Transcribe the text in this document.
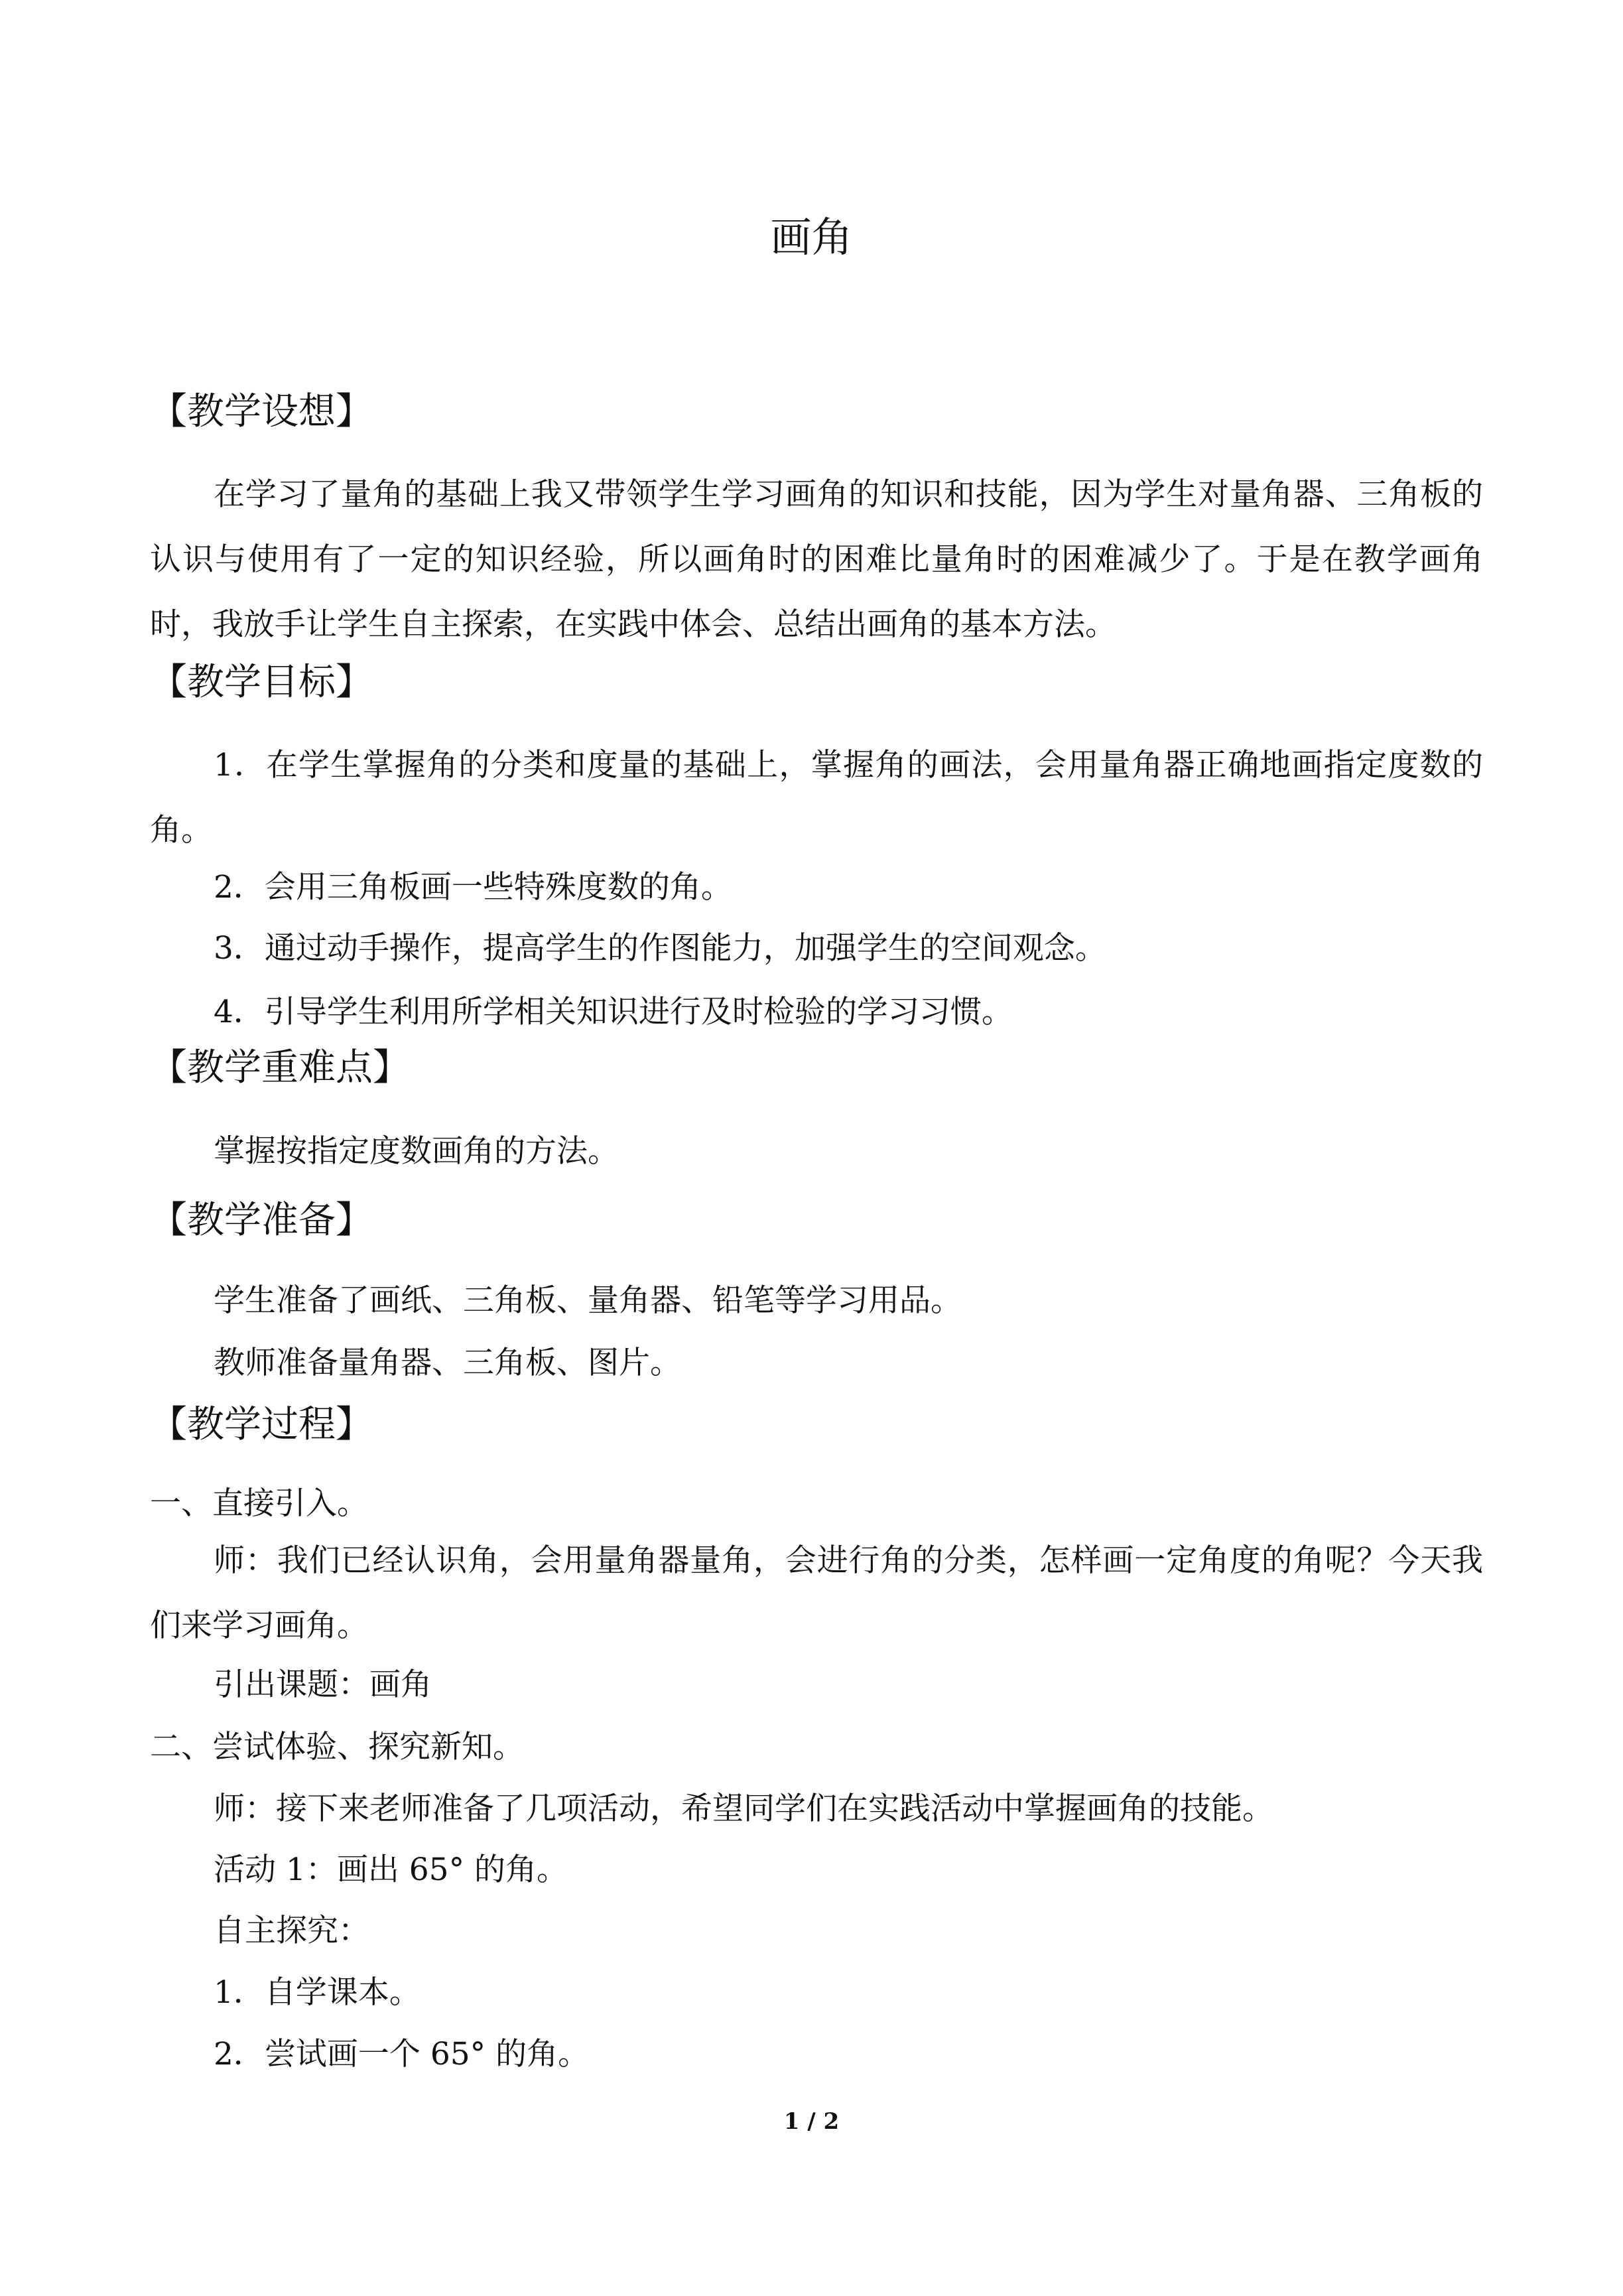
画角
【教学设想】
在学习了量角的基础上我又带领学生学习画角的知识和技能，因为学生对量角器、三角板的认识与使用有了一定的知识经验，所以画角时的困难比量角时的困难减少了。于是在教学画角时，我放手让学生自主探索，在实践中体会、总结出画角的基本方法。
【教学目标】
1．在学生掌握角的分类和度量的基础上，掌握角的画法，会用量角器正确地画指定度数的角。
2．会用三角板画一些特殊度数的角。
3．通过动手操作，提高学生的作图能力，加强学生的空间观念。
4．引导学生利用所学相关知识进行及时检验的学习习惯。
【教学重难点】
掌握按指定度数画角的方法。
【教学准备】
学生准备了画纸、三角板、量角器、铅笔等学习用品。
教师准备量角器、三角板、图片。
【教学过程】
一、直接引入。
师：我们已经认识角，会用量角器量角，会进行角的分类，怎样画一定角度的角呢？今天我们来学习画角。
引出课题：画角
二、尝试体验、探究新知。
师：接下来老师准备了几项活动，希望同学们在实践活动中掌握画角的技能。
活动 1：画出 65° 的角。
自主探究：
1．自学课本。
2．尝试画一个 65° 的角。
1 / 2
